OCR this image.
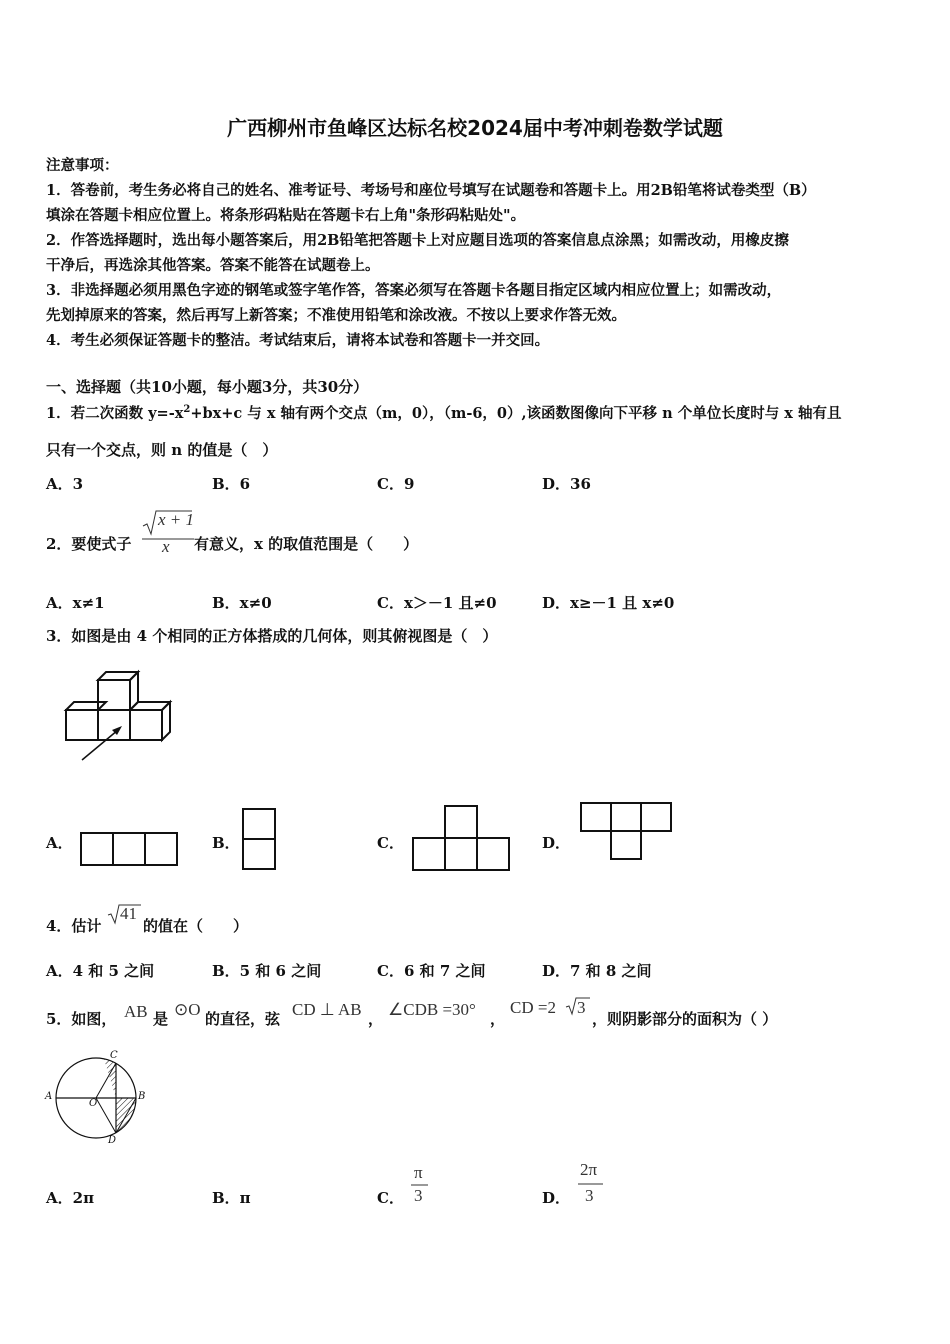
广西柳州市鱼峰区达标名校2024届中考冲刺卷数学试题
注意事项：
1．答卷前，考生务必将自己的姓名、准考证号、考场号和座位号填写在试题卷和答题卡上。用2B铅笔将试卷类型（B）
填涂在答题卡相应位置上。将条形码粘贴在答题卡右上角"条形码粘贴处"。
2．作答选择题时，选出每小题答案后，用2B铅笔把答题卡上对应题目选项的答案信息点涂黑；如需改动，用橡皮擦
干净后，再选涂其他答案。答案不能答在试题卷上。
3．非选择题必须用黑色字迹的钢笔或签字笔作答，答案必须写在答题卡各题目指定区域内相应位置上；如需改动，
先划掉原来的答案，然后再写上新答案；不准使用铅笔和涂改液。不按以上要求作答无效。
4．考生必须保证答题卡的整洁。考试结束后，请将本试卷和答题卡一并交回。
一、选择题（共10小题，每小题3分，共30分）
1．若二次函数 $y=-x^2+bx+c$ 与 x 轴有两个交点（m，0），（m-6，0）,该函数图像向下平移 n 个单位长度时与 x 轴有且
只有一个交点，则 n 的值是（　）
A．3	B．6	C．9	D．36
2．要使式子
x + 1
x 有意义，x 的取值范围是（　　）
A．x≠1	B．x≠0	C．x＞－1 且≠0	D．x≥－1 且 x≠0
3．如图是由 4 个相同的正方体搭成的几何体，则其俯视图是（　）
A．	B．	C．	D．
4．估计
41
的值在（　　）
A．4 和 5 之间	B．5 和 6 之间	C．6 和 7 之间	D．7 和 8 之间
5．如图， AB 是 ⊙O 的直径，弦 CD ⊥ AB ， ∠CDB =30° ，
CD =2 3
，则阴影部分的面积为（ ）
A	B
C
D
O
A．2π	B．π	C．
π
3	D．
2π
3
